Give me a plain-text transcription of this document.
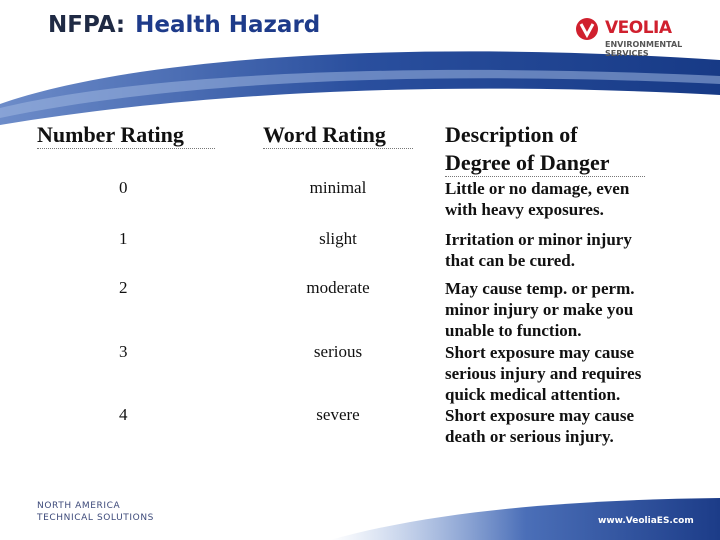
NFPA: Health Hazard	VEOLIA
ENVIRONMENTAL SERVICES
Number Rating	Word Rating	Description of
Degree of Danger
0	minimal	Little or no damage, even
with heavy exposures.
1	slight	Irritation or minor injury
that can be cured.
2	moderate	May cause temp. or perm.
minor injury or make you
unable to function.
3	serious	Short exposure may cause
serious injury and requires
quick medical attention.
4	severe	Short exposure may cause
death or serious injury.
NORTH AMERICA
TECHNICAL SOLUTIONS	www.VeoliaES.com
